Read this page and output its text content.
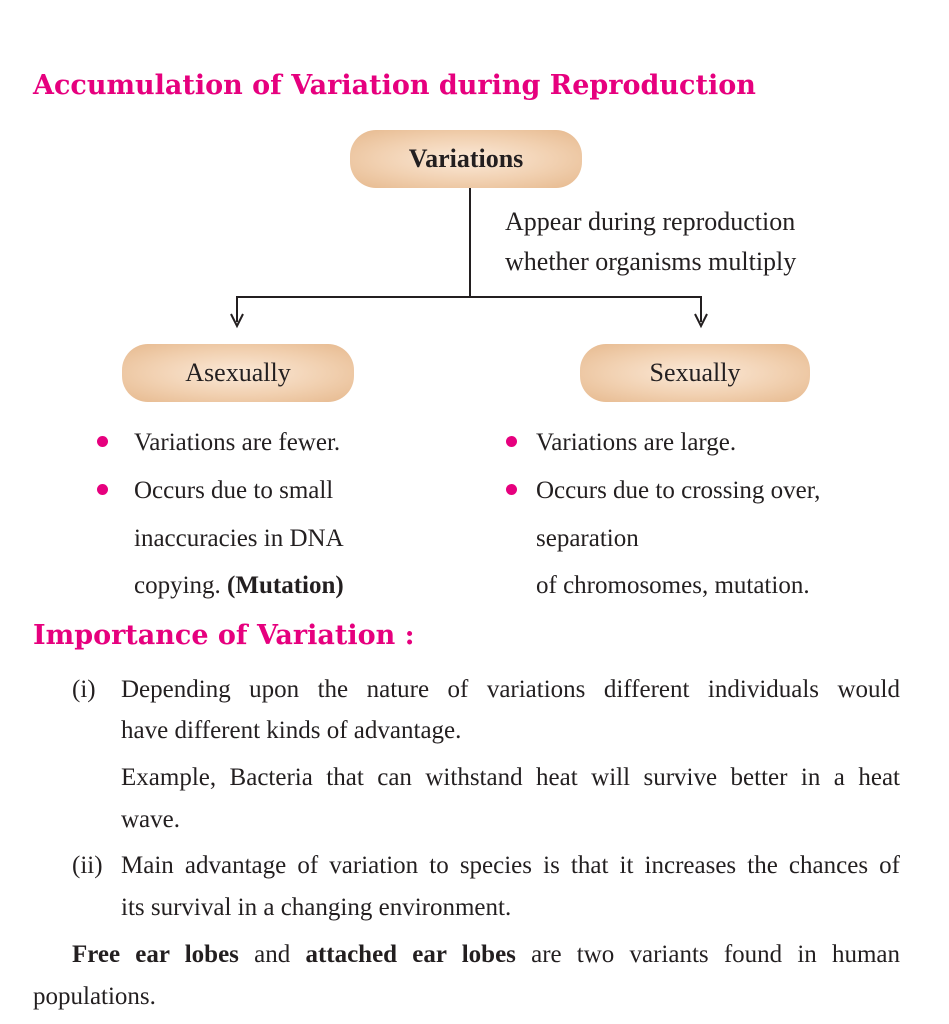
Accumulation of Variation during Reproduction
Variations
Appear during reproduction
whether organisms multiply
Asexually	Sexually
Variations are fewer.
Occurs due to small
inaccuracies in DNA
copying. (Mutation)
Variations are large.
Occurs due to crossing over,
separation
of chromosomes, mutation.
Importance of Variation :
(i) Depending upon the nature of variations different individuals would
have different kinds of advantage.
Example, Bacteria that can withstand heat will survive better in a heat
wave.
(ii) Main advantage of variation to species is that it increases the chances of
its survival in a changing environment.
Free ear lobes and attached ear lobes are two variants found in human
populations.
